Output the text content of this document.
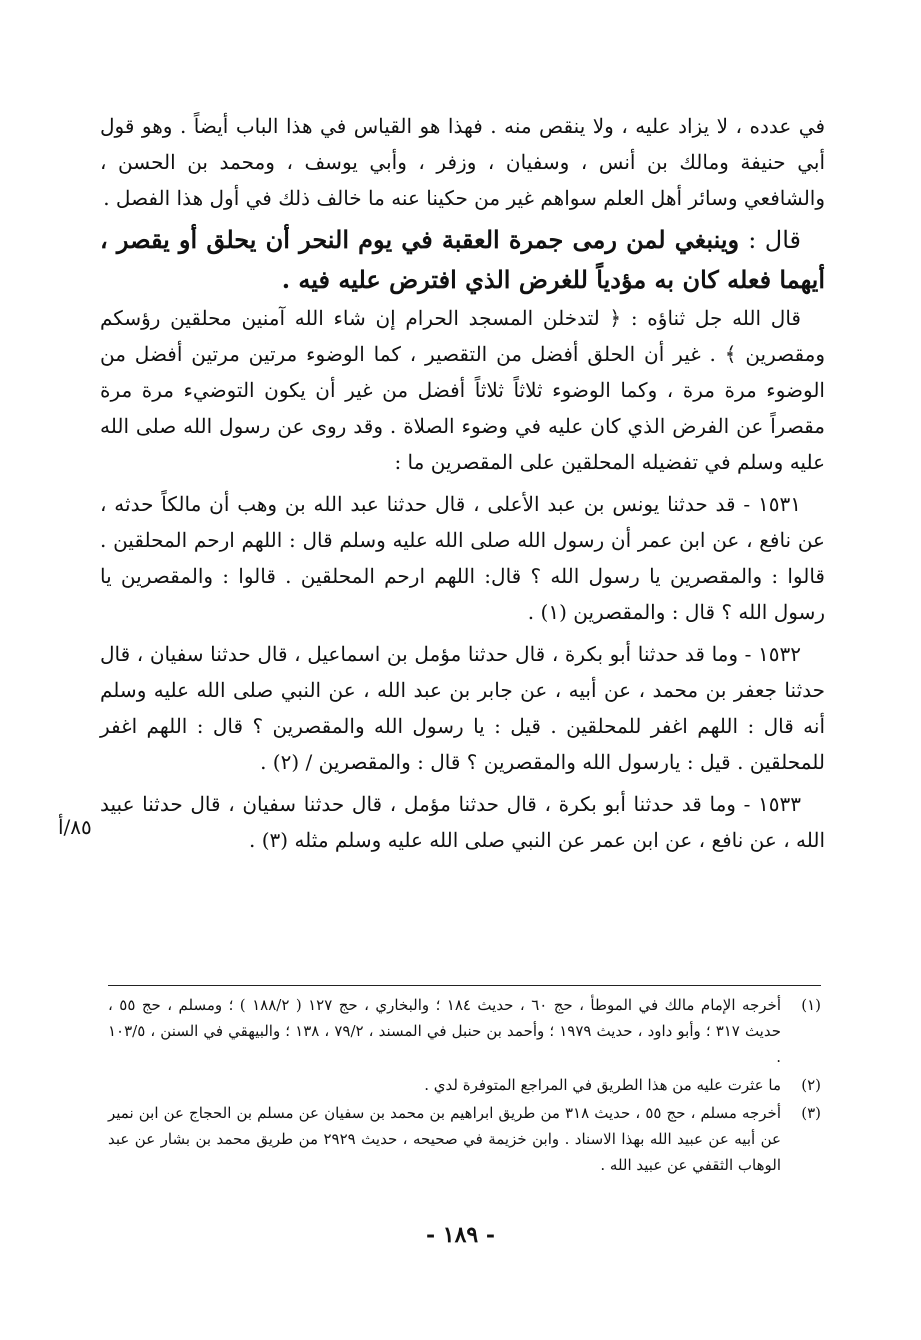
في عدده ، لا يزاد عليه ، ولا ينقص منه . فهذا هو القياس في هذا الباب أيضاً . وهو قول أبي حنيفة ومالك بن أنس ، وسفيان ، وزفر ، وأبي يوسف ، ومحمد بن الحسن ، والشافعي وسائر أهل العلم سواهم غير من حكينا عنه ما خالف ذلك في أول هذا الفصل .

قال : وينبغي لمن رمى جمرة العقبة في يوم النحر أن يحلق أو يقصر ، أيهما فعله كان به مؤدياً للغرض الذي افترض عليه فيه .

قال الله جل ثناؤه : ﴿ لتدخلن المسجد الحرام إن شاء الله آمنين محلقين رؤسكم ومقصرين ﴾ . غير أن الحلق أفضل من التقصير ، كما الوضوء مرتين مرتين أفضل من الوضوء مرة مرة ، وكما الوضوء ثلاثاً ثلاثاً أفضل من غير أن يكون التوضيء مرة مرة مقصراً عن الفرض الذي كان عليه في وضوء الصلاة . وقد روى عن رسول الله صلى الله عليه وسلم في تفضيله المحلقين على المقصرين ما :

١٥٣١ - قد حدثنا يونس بن عبد الأعلى ، قال حدثنا عبد الله بن وهب أن مالكاً حدثه ، عن نافع ، عن ابن عمر أن رسول الله صلى الله عليه وسلم قال : اللهم ارحم المحلقين . قالوا : والمقصرين يا رسول الله ؟ قال: اللهم ارحم المحلقين . قالوا : والمقصرين يا رسول الله ؟ قال : والمقصرين (١) .

١٥٣٢ - وما قد حدثنا أبو بكرة ، قال حدثنا مؤمل بن اسماعيل ، قال حدثنا سفيان ، قال حدثنا جعفر بن محمد ، عن أبيه ، عن جابر بن عبد الله ، عن النبي صلى الله عليه وسلم أنه قال : اللهم اغفر للمحلقين . قيل : يا رسول الله والمقصرين ؟ قال : اللهم اغفر للمحلقين . قيل : يارسول الله والمقصرين ؟ قال : والمقصرين / (٢) .

١٥٣٣ - وما قد حدثنا أبو بكرة ، قال حدثنا مؤمل ، قال حدثنا سفيان ، قال حدثنا عبيد الله ، عن نافع ، عن ابن عمر عن النبي صلى الله عليه وسلم مثله (٣) .

٨٥/أ
(١)
أخرجه الإمام مالك في الموطأ ، حج ٦٠ ، حديث ١٨٤ ؛ والبخاري ، حج ١٢٧ ( ١٨٨/٢ ) ؛ ومسلم ، حج ٥٥ ، حديث ٣١٧ ؛ وأبو داود ، حديث ١٩٧٩ ؛ وأحمد بن حنبل في المسند ، ٧٩/٢ ، ١٣٨ ؛ والبيهقي في السنن ، ١٠٣/٥ .
(٢)
ما عثرت عليه من هذا الطريق في المراجع المتوفرة لدي .
(٣)
أخرجه مسلم ، حج ٥٥ ، حديث ٣١٨ من طريق ابراهيم بن محمد بن سفيان عن مسلم بن الحجاج عن ابن نمير عن أبيه عن عبيد الله بهذا الاسناد . وابن خزيمة في صحيحه ، حديث ٢٩٢٩ من طريق محمد بن بشار عن عبد الوهاب الثقفي عن عبيد الله .
- ١٨٩ -
